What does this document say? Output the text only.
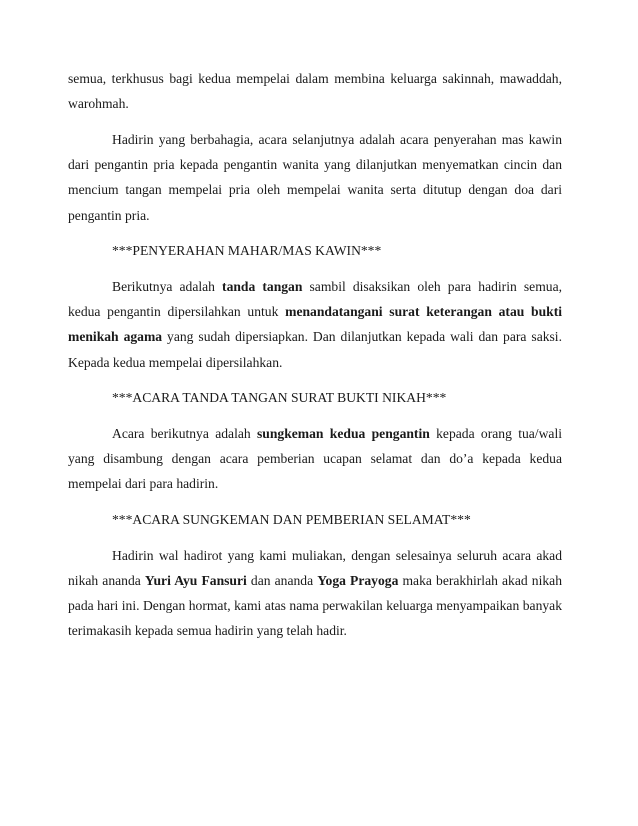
semua, terkhusus bagi kedua mempelai dalam membina keluarga sakinnah, mawaddah, warohmah.

Hadirin yang berbahagia, acara selanjutnya adalah acara penyerahan mas kawin dari pengantin pria kepada pengantin wanita yang dilanjutkan menyematkan cincin dan mencium tangan mempelai pria oleh mempelai wanita serta ditutup dengan doa dari pengantin pria.

***PENYERAHAN MAHAR/MAS KAWIN***

Berikutnya adalah tanda tangan sambil disaksikan oleh para hadirin semua, kedua pengantin dipersilahkan untuk menandatangani surat keterangan atau bukti menikah agama yang sudah dipersiapkan. Dan dilanjutkan kepada wali dan para saksi. Kepada kedua mempelai dipersilahkan.

***ACARA TANDA TANGAN SURAT BUKTI NIKAH***

Acara berikutnya adalah sungkeman kedua pengantin kepada orang tua/wali yang disambung dengan acara pemberian ucapan selamat dan do’a kepada kedua mempelai dari para hadirin.

***ACARA SUNGKEMAN DAN PEMBERIAN SELAMAT***

Hadirin wal hadirot yang kami muliakan, dengan selesainya seluruh acara akad nikah ananda Yuri Ayu Fansuri dan ananda Yoga Prayoga maka berakhirlah akad nikah pada hari ini. Dengan hormat, kami atas nama perwakilan keluarga menyampaikan banyak terimakasih kepada semua hadirin yang telah hadir.
